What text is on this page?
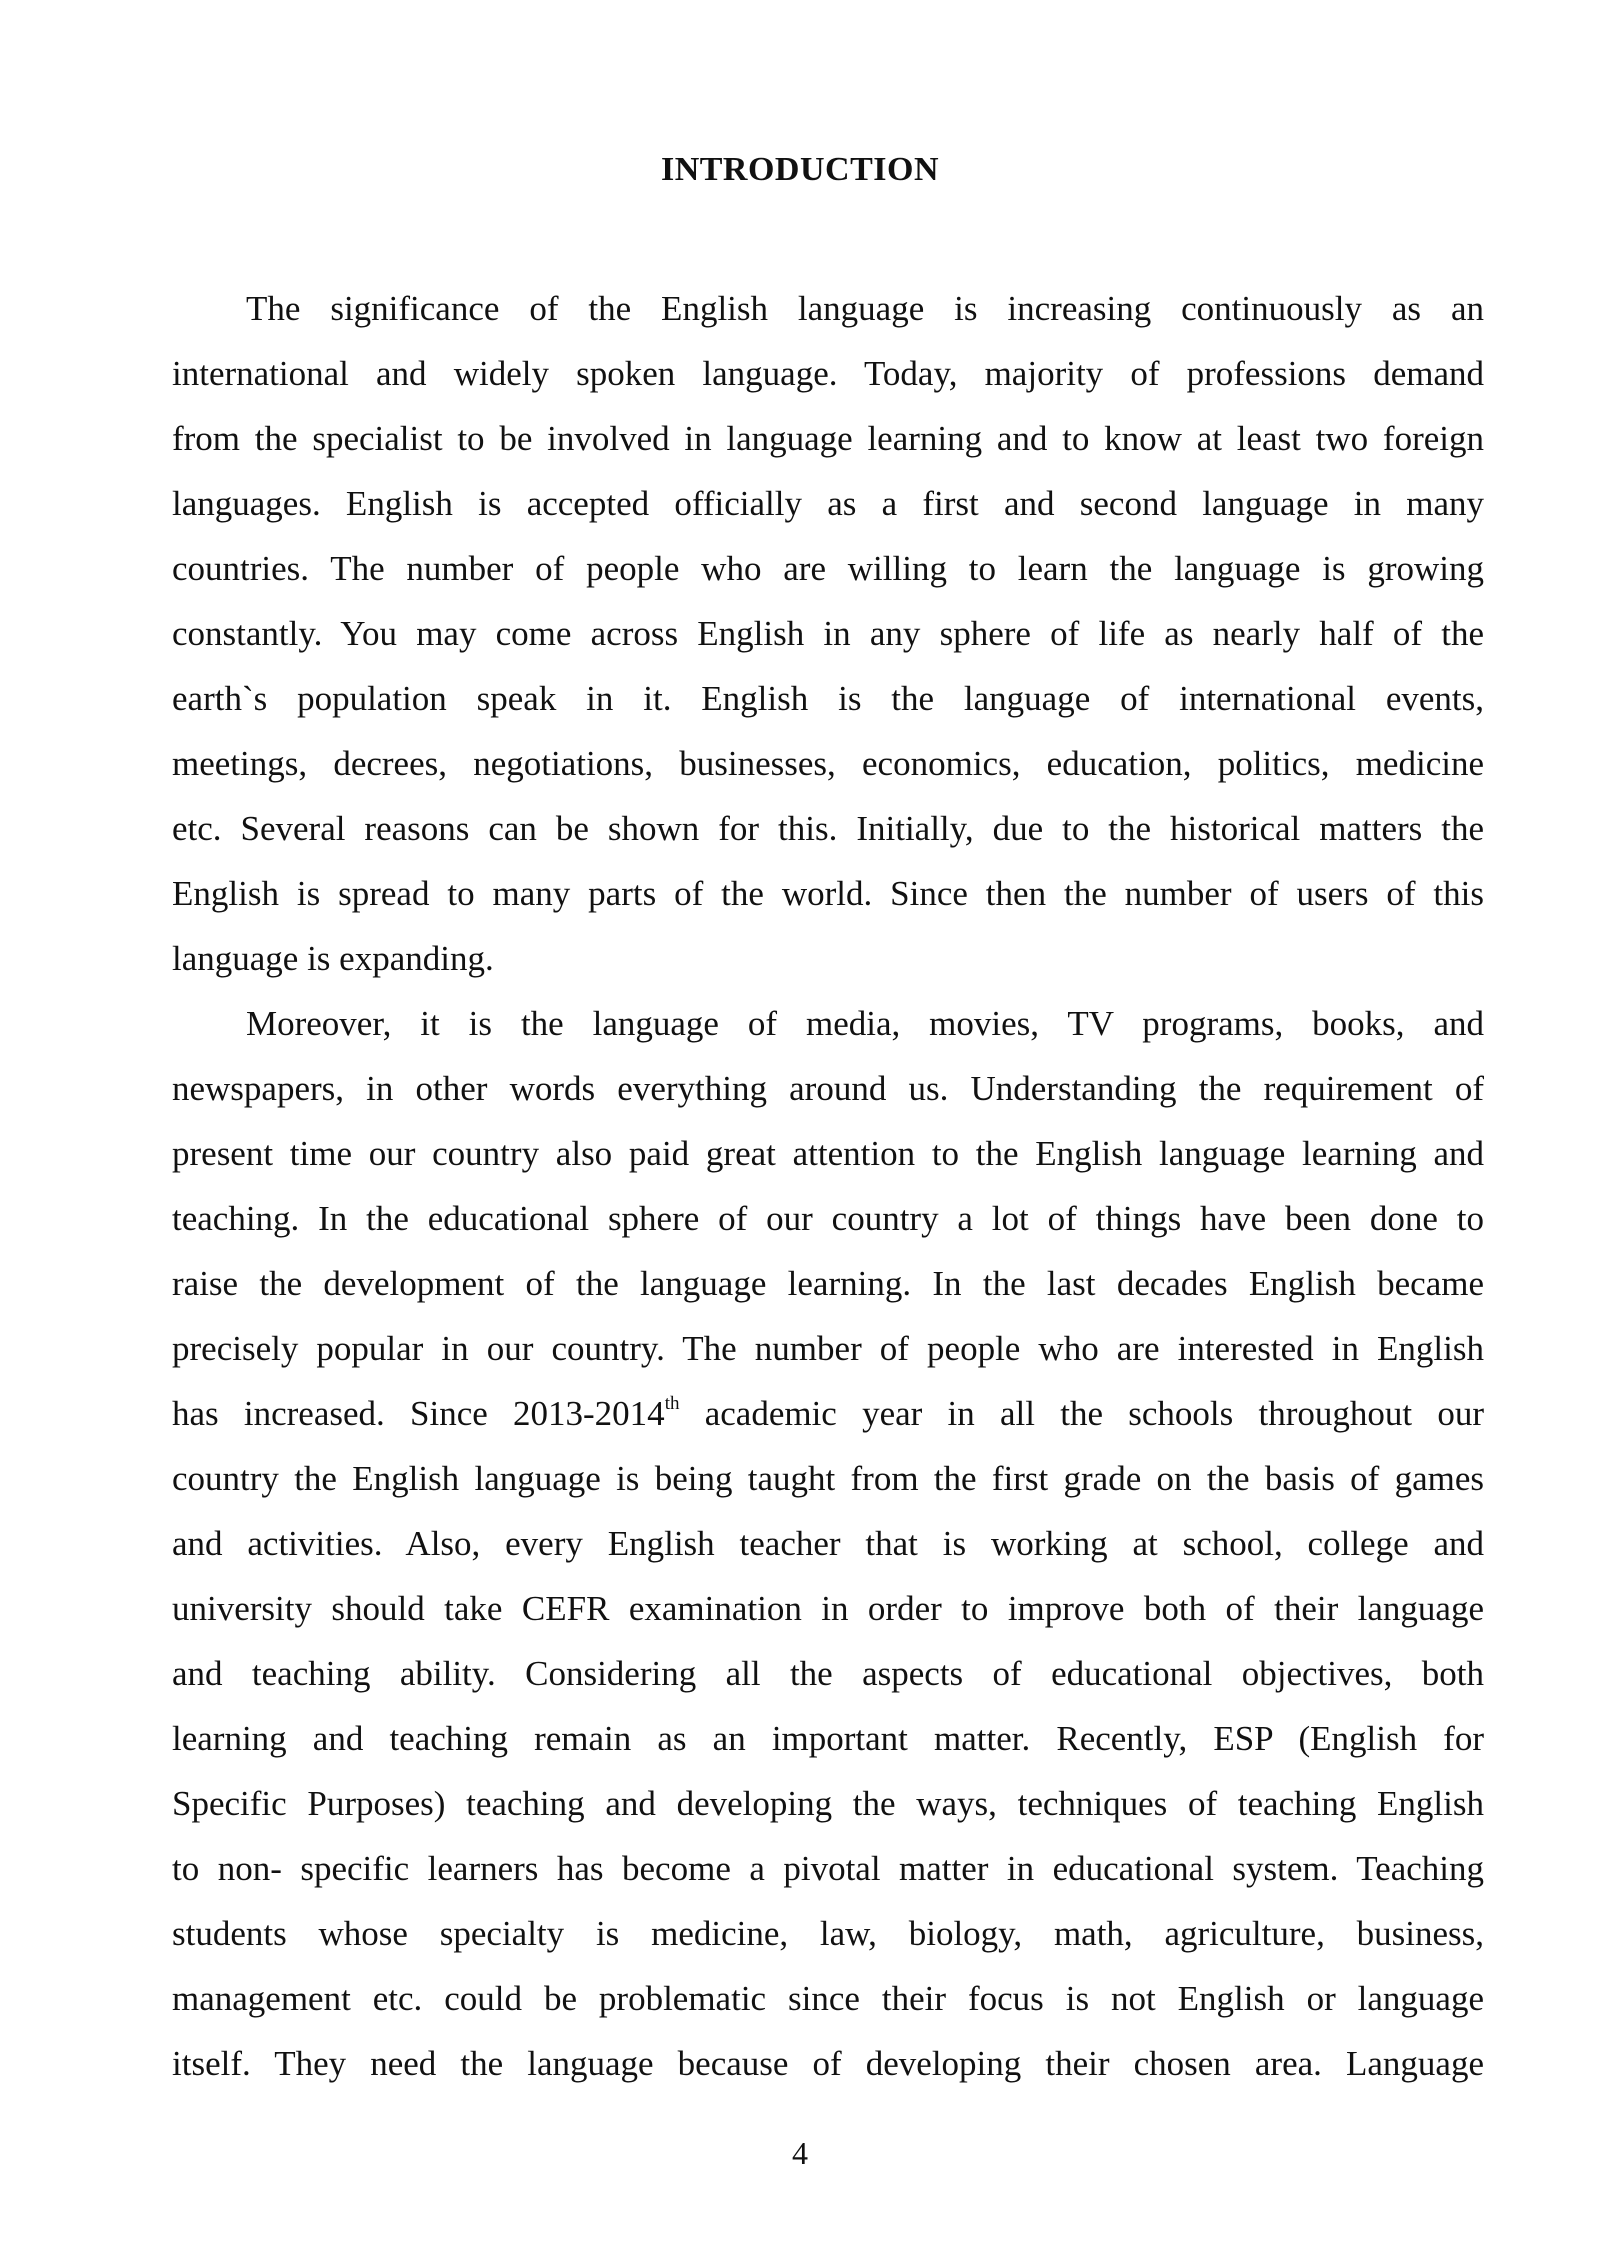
INTRODUCTION
The significance of the English language is increasing continuously as an
international and widely spoken language. Today, majority of professions demand
from the specialist to be involved in language learning and to know at least two foreign
languages. English is accepted officially as a first and second language in many
countries. The number of people who are willing to learn the language is growing
constantly. You may come across English in any sphere of life as nearly half of the
earth`s population speak in it. English is the language of international events,
meetings, decrees, negotiations, businesses, economics, education, politics, medicine
etc. Several reasons can be shown for this. Initially, due to the historical matters the
English is spread to many parts of the world. Since then the number of users of this
language is expanding.
Moreover, it is the language of media, movies, TV programs, books, and
newspapers, in other words everything around us. Understanding the requirement of
present time our country also paid great attention to the English language learning and
teaching. In the educational sphere of our country a lot of things have been done to
raise the development of the language learning. In the last decades English became
precisely popular in our country. The number of people who are interested in English
has increased. Since 2013-2014th academic year in all the schools throughout our
country the English language is being taught from the first grade on the basis of games
and activities. Also, every English teacher that is working at school, college and
university should take CEFR examination in order to improve both of their language
and teaching ability. Considering all the aspects of educational objectives, both
learning and teaching remain as an important matter. Recently, ESP (English for
Specific Purposes) teaching and developing the ways, techniques of teaching English
to non- specific learners has become a pivotal matter in educational system. Teaching
students whose specialty is medicine, law, biology, math, agriculture, business,
management etc. could be problematic since their focus is not English or language
itself. They need the language because of developing their chosen area. Language
4
